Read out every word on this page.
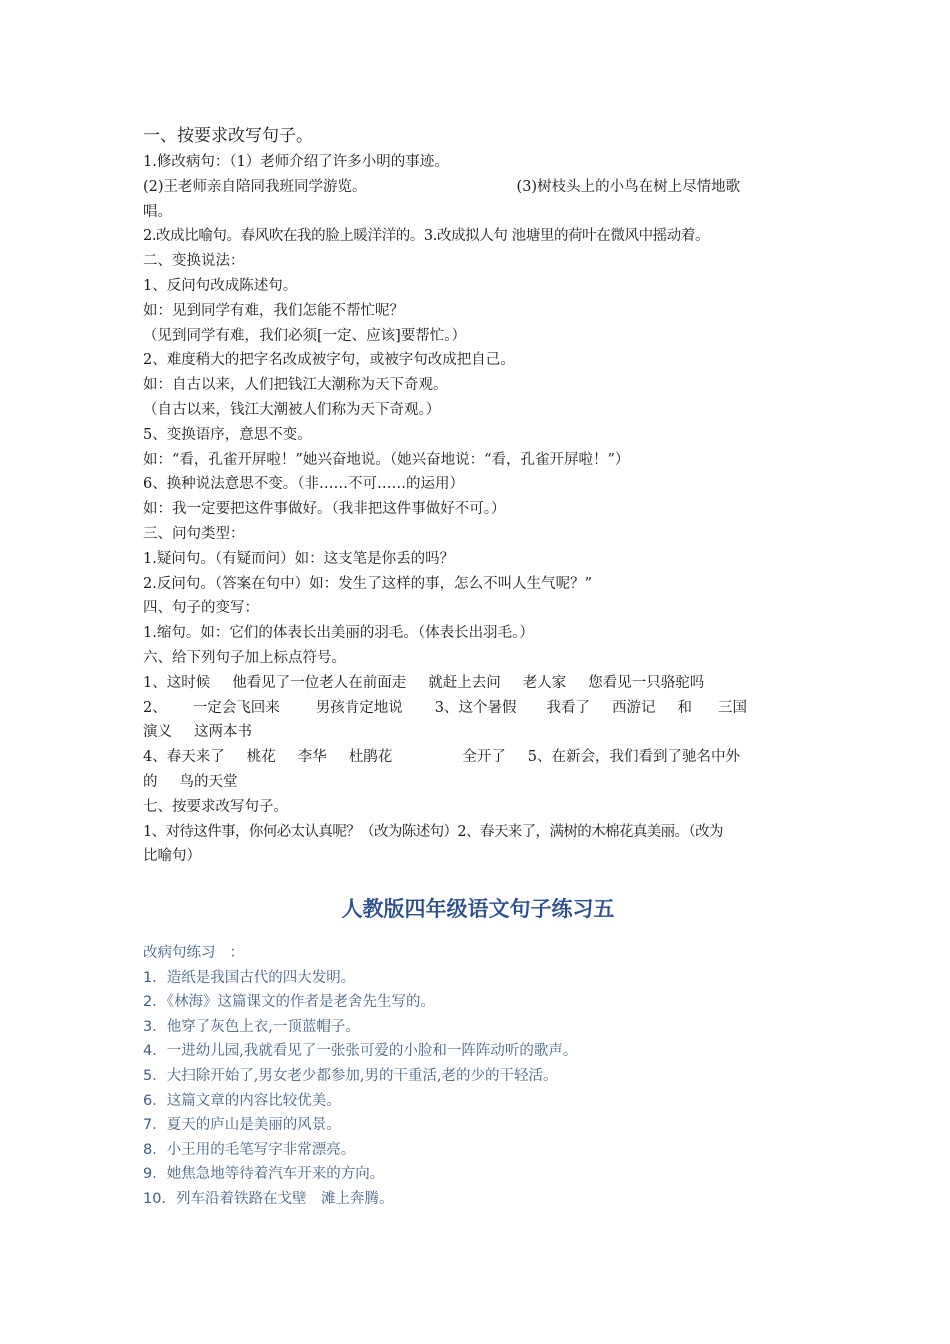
一、按要求改写句子。
1.修改病句：（1）老师介绍了许多小明的事迹。
(2)王老师亲自陪同我班同学游览。	(3)树枝头上的小鸟在树上尽情地歌
唱。
2.改成比喻句。春风吹在我的脸上暖洋洋的。3.改成拟人句 池塘里的荷叶在微风中摇动着。
二、变换说法：
1、反问句改成陈述句。
如：见到同学有难，我们怎能不帮忙呢？
（见到同学有难，我们必须[一定、应该]要帮忙。）
2、难度稍大的把字名改成被字句，或被字句改成把自己。
如：自古以来，人们把钱江大潮称为天下奇观。
（自古以来，钱江大潮被人们称为天下奇观。）
5、变换语序，意思不变。
如：“看，孔雀开屏啦！”她兴奋地说。（她兴奋地说：“看，孔雀开屏啦！”）
6、换种说法意思不变。（非……不可……的运用）
如：我一定要把这件事做好。（我非把这件事做好不可。）
三、问句类型：
1.疑问句。（有疑而问）如：这支笔是你丢的吗？
2.反问句。（答案在句中）如：发生了这样的事，怎么不叫人生气呢？”
四、句子的变写：
1.缩句。如：它们的体表长出美丽的羽毛。（体表长出羽毛。）
六、给下列句子加上标点符号。
1、这时候 他看见了一位老人在前面走 就赶上去问 老人家 您看见一只骆驼吗
2、 一定会飞回来 男孩肯定地说 3、这个暑假 我看了 西游记 和 三国
演义 这两本书
4、春天来了 桃花 李华 杜鹃花	全开了 5、在新会，我们看到了驰名中外
的 鸟的天堂
七、按要求改写句子。
1、对待这件事，你何必太认真呢？（改为陈述句）2、春天来了，满树的木棉花真美丽。（改为
比喻句）
人教版四年级语文句子练习五
改病句练习 ：
1．造纸是我国古代的四大发明。
2．《林海》这篇课文的作者是老舍先生写的。
3．他穿了灰色上衣,一顶蓝帽子。
4．一进幼儿园,我就看见了一张张可爱的小脸和一阵阵动听的歌声。
5．大扫除开始了,男女老少都参加,男的干重活,老的少的干轻活。
6．这篇文章的内容比较优美。
7．夏天的庐山是美丽的风景。
8．小王用的毛笔写字非常漂亮。
9．她焦急地等待着汽车开来的方向。
10．列车沿着铁路在戈壁　滩上奔腾。
